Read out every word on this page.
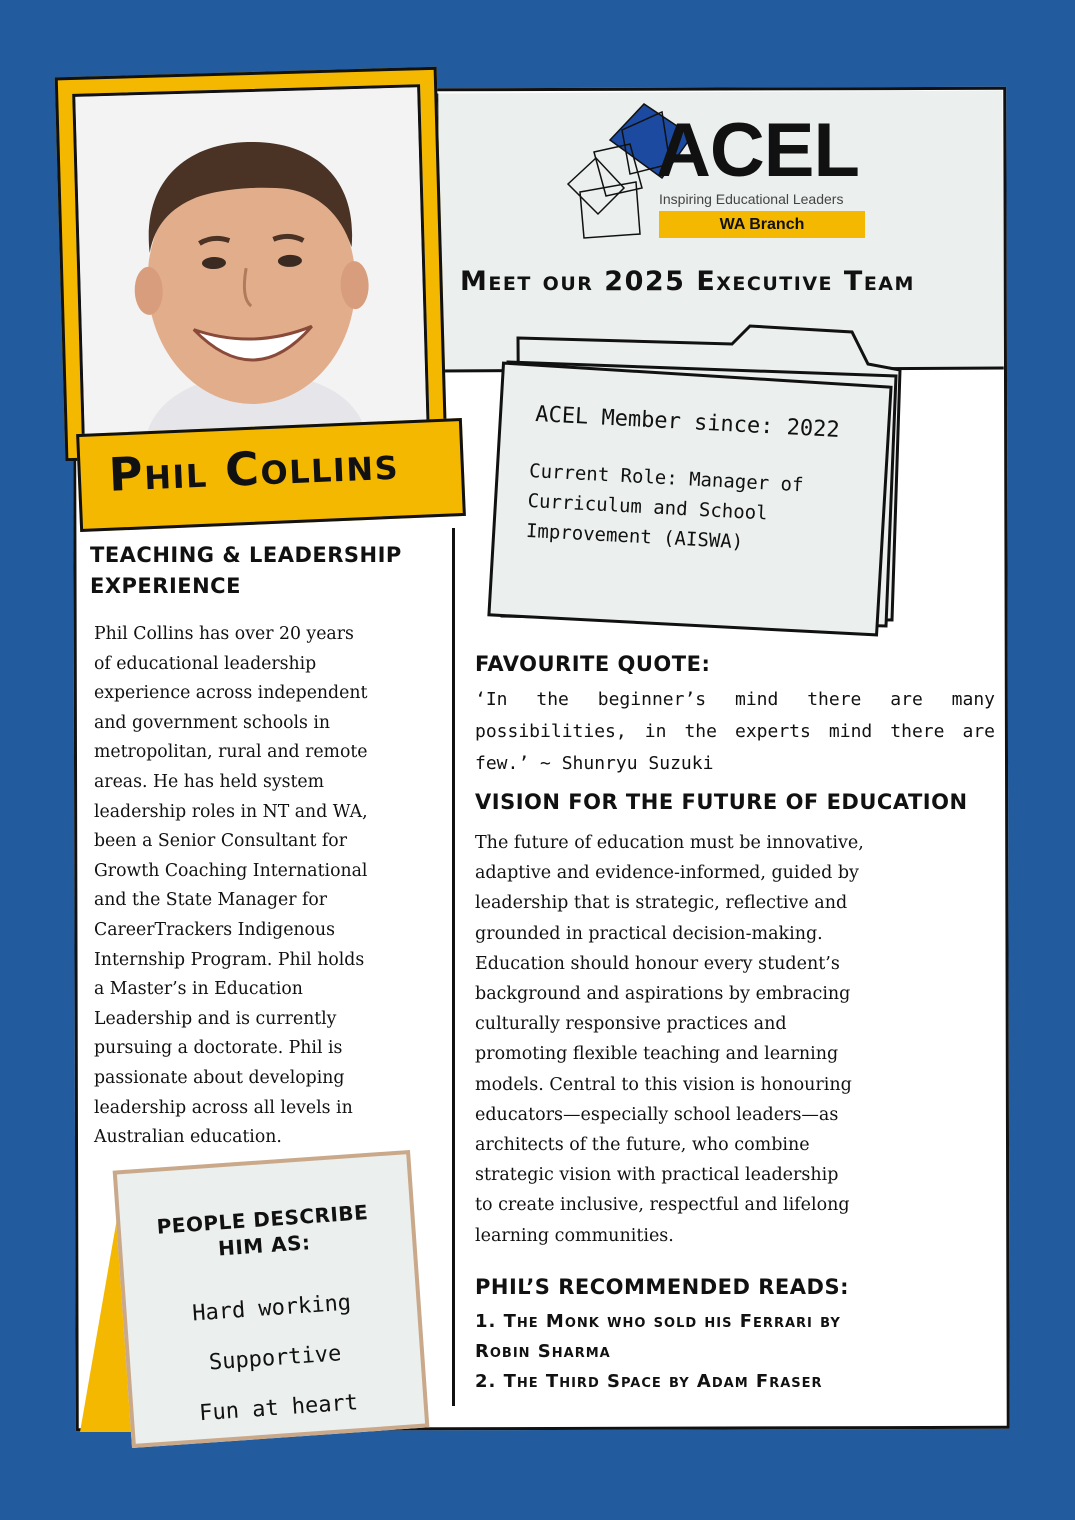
ACEL
Inspiring Educational Leaders
WA Branch
Meet our 2025 Executive Team
Phil Collins
ACEL Member since: 2022
Current Role: Manager of
Curriculum and School
Improvement (AISWA)
TEACHING & LEADERSHIP
EXPERIENCE
Phil Collins has over 20 years
of educational leadership
experience across independent
and government schools in
metropolitan, rural and remote
areas. He has held system
leadership roles in NT and WA,
been a Senior Consultant for
Growth Coaching International
and the State Manager for
CareerTrackers Indigenous
Internship Program. Phil holds
a Master’s in Education
Leadership and is currently
pursuing a doctorate. Phil is
passionate about developing
leadership across all levels in
Australian education.
FAVOURITE QUOTE:
‘In the beginner’s mind there are many possibilities, in the experts mind there are few.’ ~ Shunryu Suzuki
VISION FOR THE FUTURE OF EDUCATION
The future of education must be innovative,
adaptive and evidence-informed, guided by
leadership that is strategic, reflective and
grounded in practical decision-making.
Education should honour every student’s
background and aspirations by embracing
culturally responsive practices and
promoting flexible teaching and learning
models. Central to this vision is honouring
educators—especially school leaders—as
architects of the future, who combine
strategic vision with practical leadership
to create inclusive, respectful and lifelong
learning communities.
PHIL’S RECOMMENDED READS:
1. The Monk who sold his Ferrari by
Robin Sharma
2. The Third Space by Adam Fraser
PEOPLE DESCRIBE
HIM AS:
Hard working
Supportive
Fun at heart
